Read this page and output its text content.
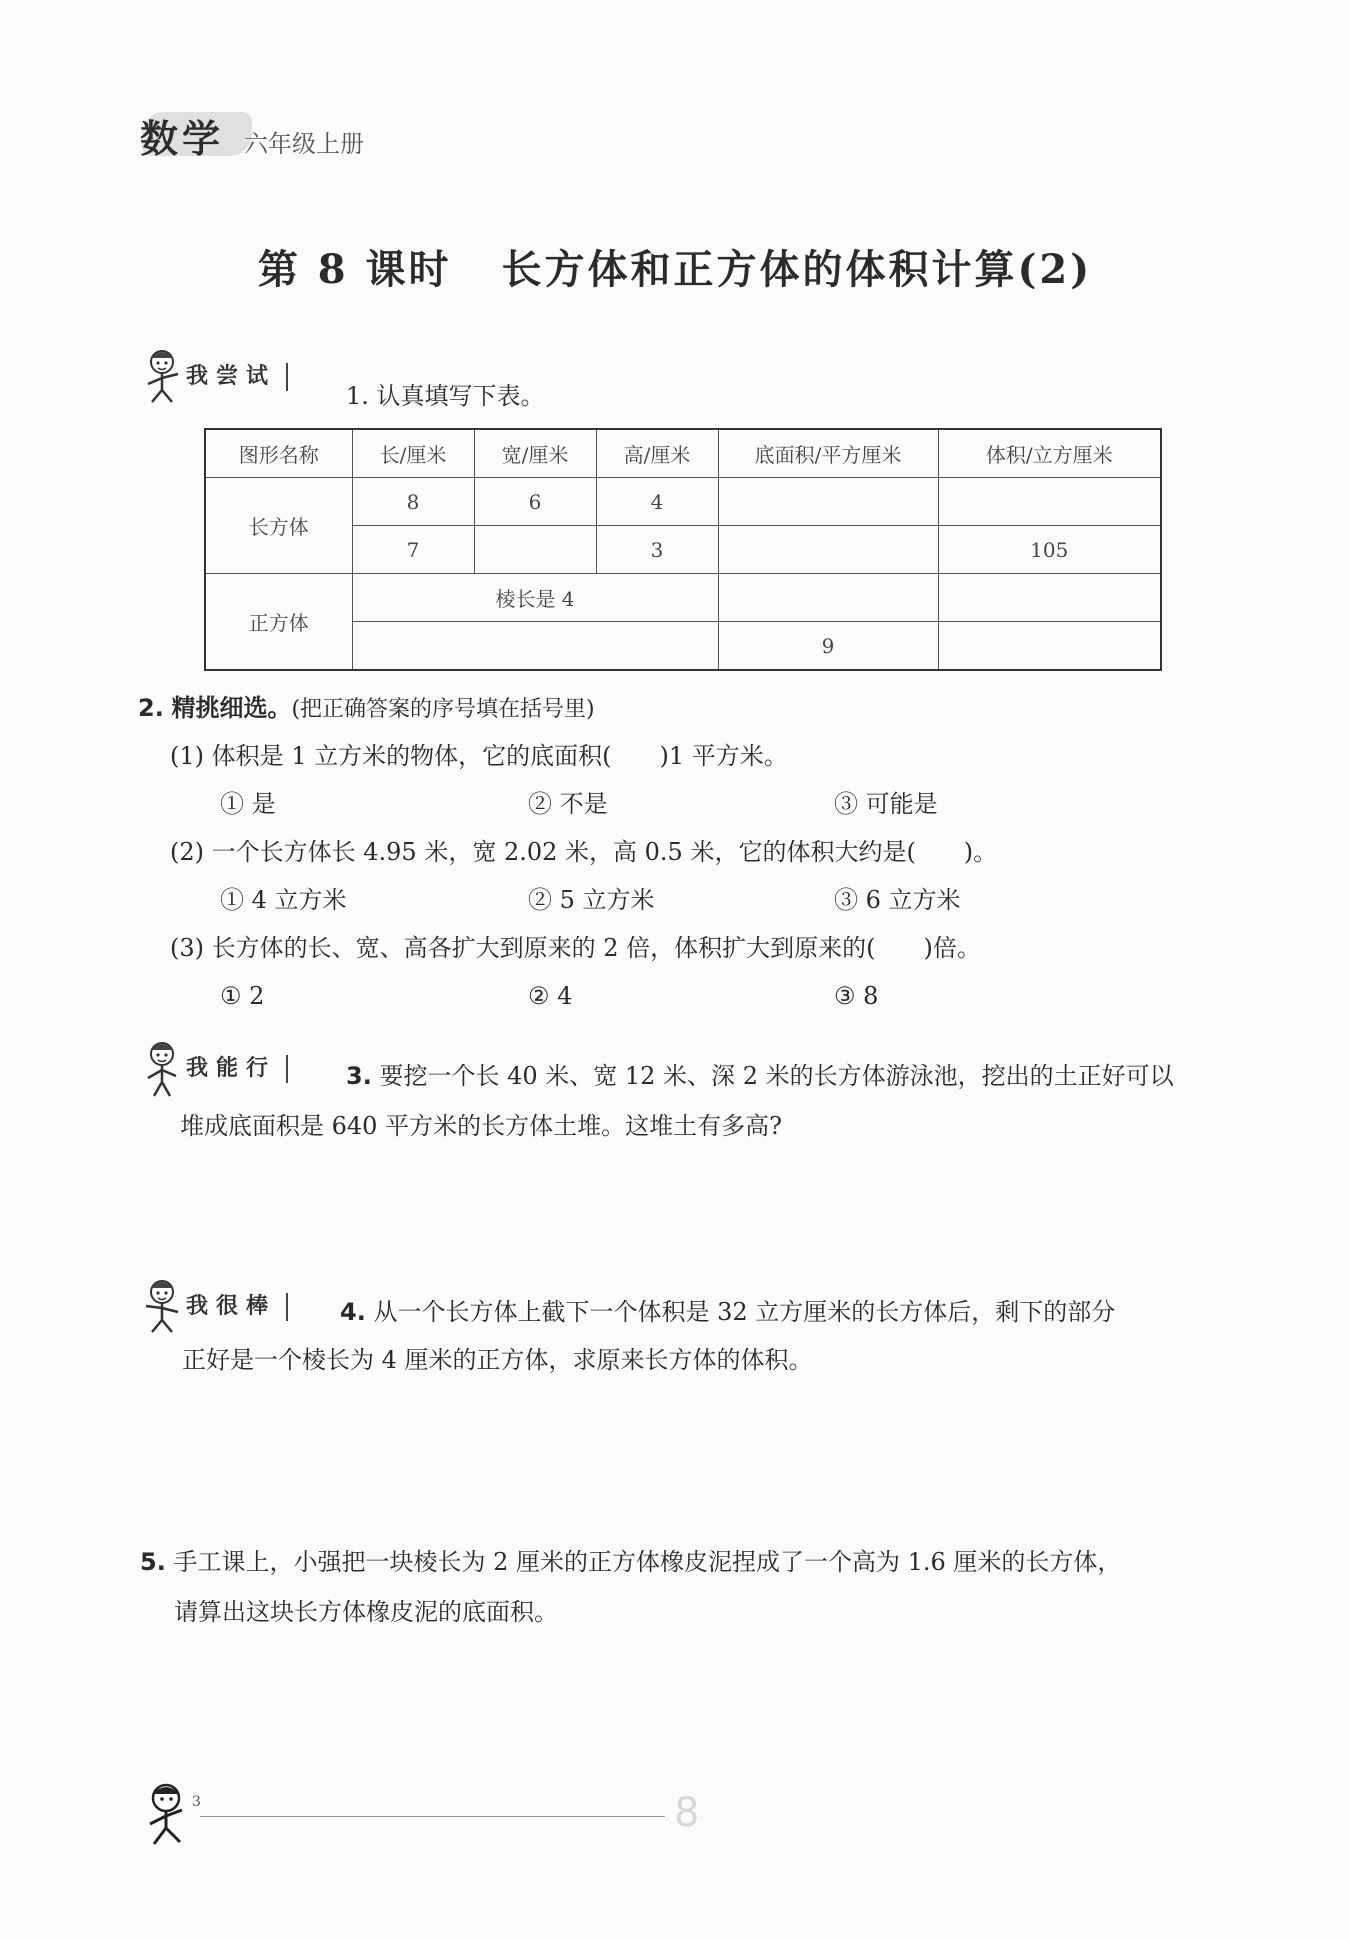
数学 六年级上册
第 8 课时 长方体和正方体的体积计算(2)
我尝试
1. 认真填写下表。
图形名称	长/厘米	宽/厘米	高/厘米	底面积/平方厘米	体积/立方厘米
长方体	8	6	4		
	7		3		105
正方体	棱长是 4				
				9	
2. 精挑细选。(把正确答案的序号填在括号里)
(1) 体积是 1 立方米的物体，它的底面积(　　)1 平方米。
① 是	② 不是	③ 可能是
(2) 一个长方体长 4.95 米，宽 2.02 米，高 0.5 米，它的体积大约是(　　)。
① 4 立方米	② 5 立方米	③ 6 立方米
(3) 长方体的长、宽、高各扩大到原来的 2 倍，体积扩大到原来的(　　)倍。
① 2	② 4	③ 8
我能行	3. 要挖一个长 40 米、宽 12 米、深 2 米的长方体游泳池，挖出的土正好可以
堆成底面积是 640 平方米的长方体土堆。这堆土有多高?
我很棒	4. 从一个长方体上截下一个体积是 32 立方厘米的长方体后，剩下的部分
正好是一个棱长为 4 厘米的正方体，求原来长方体的体积。
5. 手工课上，小强把一块棱长为 2 厘米的正方体橡皮泥捏成了一个高为 1.6 厘米的长方体，
请算出这块长方体橡皮泥的底面积。
3	8
